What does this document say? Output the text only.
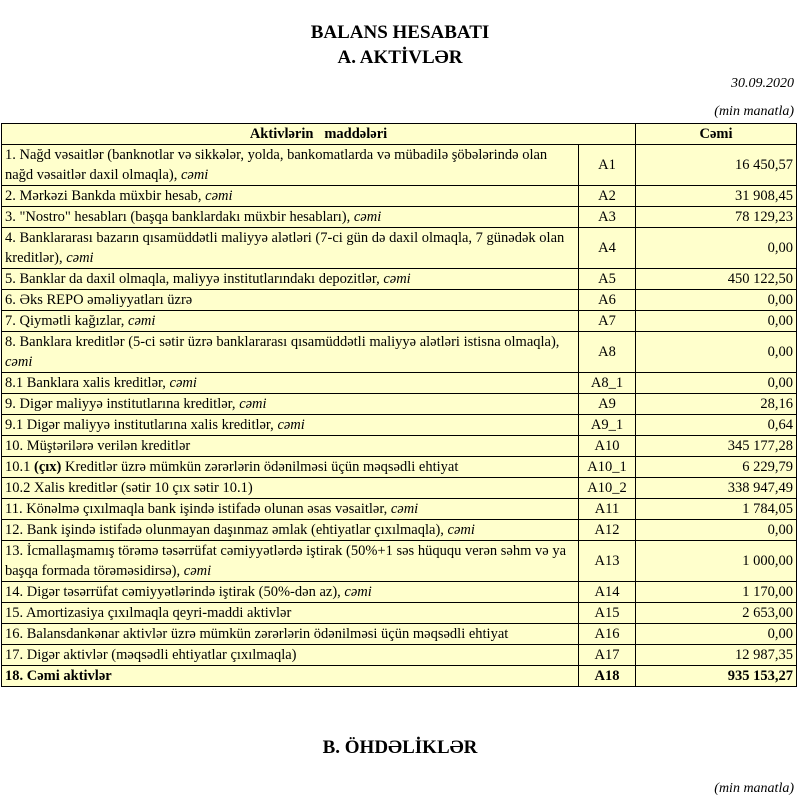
BALANS HESABATI
A. AKTİVLƏR
30.09.2020
(min manatla)
Aktivlərin   maddələri		Cəmi
1. Nağd vəsaitlər (banknotlar və sikkələr, yolda, bankomatlarda və mübadilə şöbələrində olan nağd vəsaitlər daxil olmaqla), cəmi	A1	16 450,57
2. Mərkəzi Bankda müxbir hesab, cəmi	A2	31 908,45
3. "Nostro" hesabları (başqa banklardakı müxbir hesabları), cəmi	A3	78 129,23
4. Banklararası bazarın qısamüddətli maliyyə alətləri (7-ci gün də daxil olmaqla, 7 günədək olan kreditlər), cəmi	A4	0,00
5. Banklar da daxil olmaqla, maliyyə institutlarındakı depozitlər, cəmi	A5	450 122,50
6. Əks REPO əməliyyatları üzrə	A6	0,00
7. Qiymətli kağızlar, cəmi	A7	0,00
8. Banklara kreditlər (5-ci sətir üzrə banklararası qısamüddətli maliyyə alətləri istisna olmaqla), cəmi	A8	0,00
8.1 Banklara xalis kreditlər, cəmi	A8_1	0,00
9. Digər maliyyə institutlarına kreditlər, cəmi	A9	28,16
9.1 Digər maliyyə institutlarına xalis kreditlər, cəmi	A9_1	0,64
10. Müştərilərə verilən kreditlər	A10	345 177,28
10.1 (çıx) Kreditlər üzrə mümkün zərərlərin ödənilməsi üçün məqsədli ehtiyat	A10_1	6 229,79
10.2 Xalis kreditlər (sətir 10 çıx sətir 10.1)	A10_2	338 947,49
11. Könəlmə çıxılmaqla bank işində istifadə olunan əsas vəsaitlər, cəmi	A11	1 784,05
12. Bank işində istifadə olunmayan daşınmaz əmlak (ehtiyatlar çıxılmaqla), cəmi	A12	0,00
13. İcmallaşmamış törəmə təsərrüfat cəmiyyətlərdə iştirak (50%+1 səs hüququ verən səhm və ya başqa formada törəməsidirsə), cəmi	A13	1 000,00
14. Digər təsərrüfat cəmiyyətlərində iştirak (50%-dən az), cəmi	A14	1 170,00
15. Amortizasiya çıxılmaqla qeyri-maddi aktivlər	A15	2 653,00
16. Balansdankənar aktivlər üzrə mümkün zərərlərin ödənilməsi üçün məqsədli ehtiyat	A16	0,00
17. Digər aktivlər (məqsədli ehtiyatlar çıxılmaqla)	A17	12 987,35
18. Cəmi aktivlər	A18	935 153,27
B. ÖHDƏLİKLƏR
(min manatla)
